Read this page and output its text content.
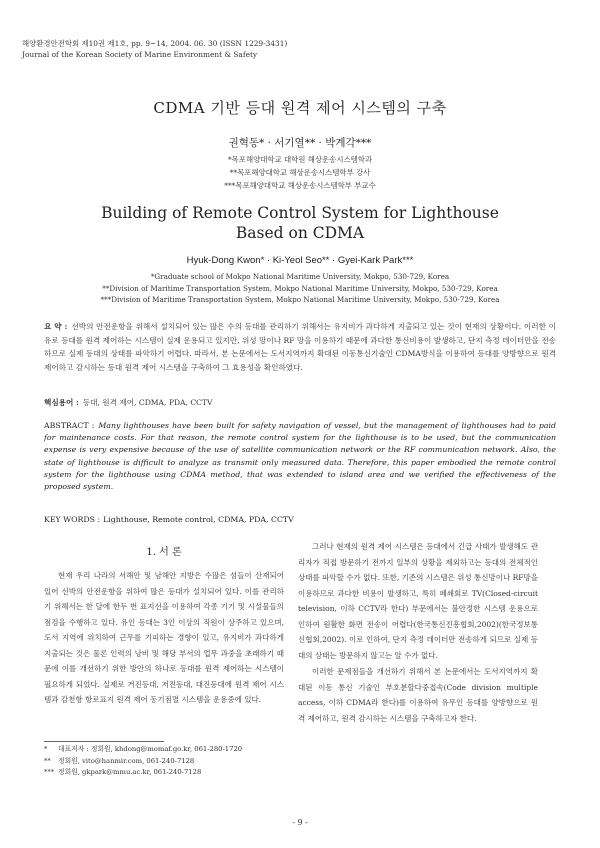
해양환경안전학회 제10권 제1호, pp. 9~14, 2004. 06. 30 (ISSN 1229-3431)
Journal of the Korean Society of Marine Environment & Safety
CDMA 기반 등대 원격 제어 시스템의 구축
권혁동* · 서기열** · 박계각***
*목포해양대학교 대학원 해상운송시스템학과
**목포해양대학교 해상운송시스템학부 강사
***목포해양대학교 해상운송시스템학부 부교수
Building of Remote Control System for Lighthouse
Based on CDMA
Hyuk-Dong Kwon* · Ki-Yeol Seo** · Gyei-Kark Park***
*Graduate school of Mokpo National Maritime University, Mokpo, 530-729, Korea
**Division of Maritime Transportation System, Mokpo National Maritime University, Mokpo, 530-729, Korea
***Division of Maritime Transportation System, Mokpo National Maritime University, Mokpo, 530-729, Korea
요 약 : 선박의 안전운항을 위해서 설치되어 있는 많은 수의 등대를 관리하기 위해서는 유지비가 과다하게 지출되고 있는 것이 현재의 상황이다. 이러한 이유로 등대를 원격 제어하는 시스템이 실제 운용되고 있지만, 위성 망이나 RF 망을 이용하기 때문에 과다한 통신비용이 발생하고, 단지 측정 데이터만을 전송하므로 실제 등대의 상태를 파악하기 어렵다. 따라서, 본 논문에서는 도서지역까지 확대된 이동통신기술인 CDMA방식을 이용하여 등대를 양방향으로 원격 제어하고 감시하는 등대 원격 제어 시스템을 구축하여 그 효용성을 확인하였다.
핵심용어 : 등대, 원격 제어, CDMA, PDA, CCTV
ABSTRACT : Many lighthouses have been built for safety navigation of vessel, but the management of lighthouses had to paid for maintenance costs. For that reason, the remote control system for the lighthouse is to be used, but the communication expense is very expensive because of the use of satellite communication network or the RF communication network. Also, the state of lighthouse is difficult to analyze as transmit only measured data. Therefore, this paper embodied the remote control system for the lighthouse using CDMA method, that was extended to island area and we verified the effectiveness of the proposed system.
KEY WORDS : Lighthouse, Remote control, CDMA, PDA, CCTV
1. 서 론

현재 우리 나라의 서해안 및 남해안 지방은 수많은 섬들이 산재되어 있어 선박의 안전운항을 위하여 많은 등대가 설치되어 있다. 이를 관리하기 위해서는 한 달에 한두 번 표지선을 이용하여 각종 기기 및 시설물들의 점검을 수행하고 있다. 유인 등대는 3인 이상의 직원이 상주하고 있으며, 도서 지역에 위치하여 근무를 기피하는 경향이 있고, 유지비가 과다하게 지출되는 것은 물론 인력의 낭비 및 해당 부서의 업무 과중을 초래하기 때문에 이를 개선하기 위한 방안의 하나로 등대를 원격 제어하는 시스템이 필요하게 되었다. 실제로 거진등대, 저진등대, 대진등대에 원격 제어 시스템과 감천항 항로표지 원격 제어 동기점멸 시스템을 운용중에 있다.

그러나 현재의 원격 제어 시스템은 등대에서 긴급 사태가 발생해도 관리자가 직접 방문하기 전까지 일부의 상황을 제외하고는 등대의 전체적인 상태를 파악할 수가 없다. 또한, 기존의 시스템은 위성 통신망이나 RF망을 이용하므로 과다한 비용이 발생하고, 특히 폐쇄회로 TV(Closed-circuit television, 이하 CCTV라 한다) 부문에서는 불안정한 시스템 운용으로 인하여 원활한 화면 전송이 어렵다(한국통신진흥협회,2002)(한국정보통신협회,2002). 이로 인하여, 단지 측정 데이터만 전송하게 되므로 실제 등대의 상태는 방문하지 않고는 알 수가 없다.

이러한 문제점들을 개선하기 위해서 본 논문에서는 도서지역까지 확대된 이동 통신 기술인 부호분할다중접속(Code division multiple access, 이하 CDMA라 한다)를 이용하여 유무인 등대를 양방향으로 원격 제어하고, 원격 감시하는 시스템을 구축하고자 한다.

* 대표저자 : 정회원, khdong@momaf.go.kr, 061-280-1720
** 정회원, vito@hanmir.com, 061-240-7128
*** 정회원, gkpark@mmu.ac.kr, 061-240-7128
- 9 -
